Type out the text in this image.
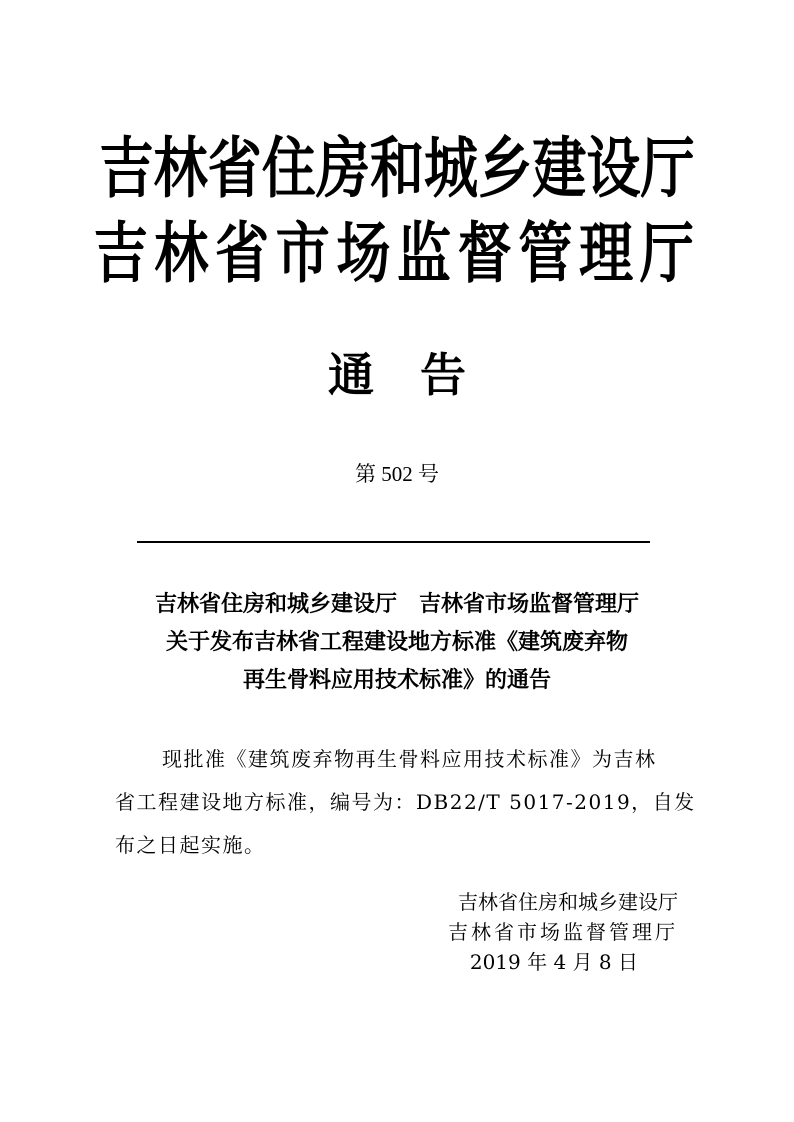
吉林省住房和城乡建设厅
吉林省市场监督管理厅
通　告
第 502 号
吉林省住房和城乡建设厅　吉林省市场监督管理厅
关于发布吉林省工程建设地方标准《建筑废弃物
再生骨料应用技术标准》的通告
现批准《建筑废弃物再生骨料应用技术标准》为吉林
省工程建设地方标准，编号为：DB22/T 5017-2019，自发
布之日起实施。
吉林省住房和城乡建设厅
吉林省市场监督管理厅
2019 年 4 月 8 日
